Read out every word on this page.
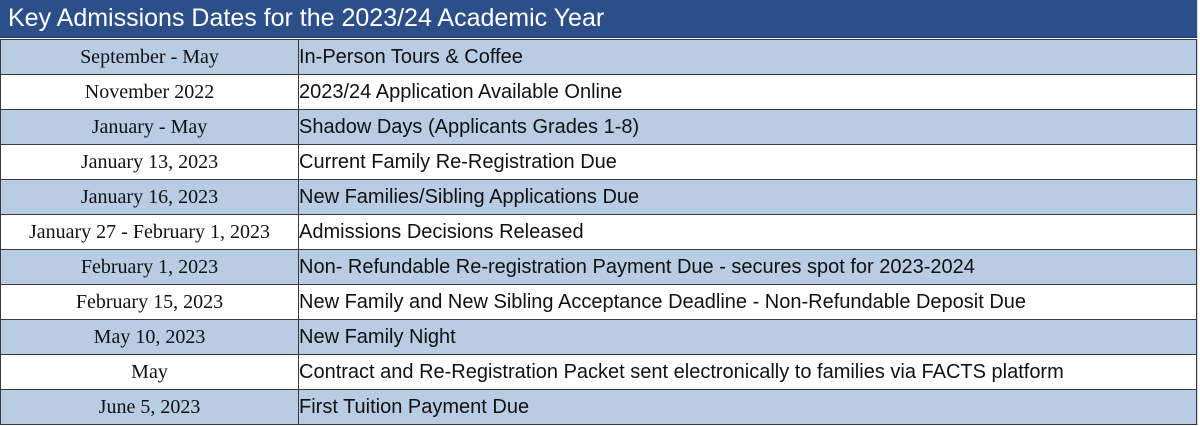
Key Admissions Dates for the 2023/24 Academic Year
September - May	In-Person Tours & Coffee
November 2022	2023/24 Application Available Online
January - May	Shadow Days (Applicants Grades 1-8)
January 13, 2023	Current Family Re-Registration Due
January 16, 2023	New Families/Sibling Applications Due
January 27 - February 1, 2023	Admissions Decisions Released
February 1, 2023	Non- Refundable Re-registration Payment Due - secures spot for 2023-2024
February 15, 2023	New Family and New Sibling Acceptance Deadline - Non-Refundable Deposit Due
May 10, 2023	New Family Night
May	Contract and Re-Registration Packet sent electronically to families via FACTS platform
June 5, 2023	First Tuition Payment Due
